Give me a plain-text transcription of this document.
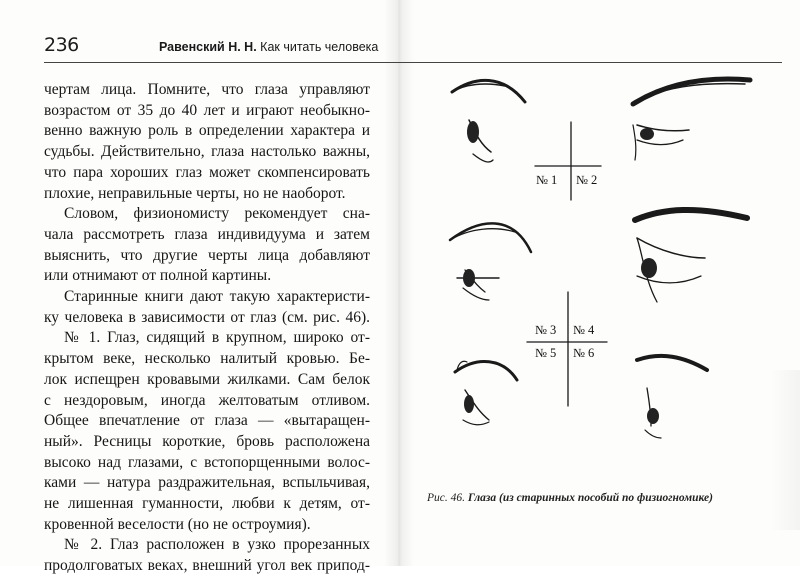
236	Равенский Н. Н. Как читать человека
чертам лица. Помните, что глаза управляют
возрастом от 35 до 40 лет и играют необыкно-
венно важную роль в определении характера и
судьбы. Действительно, глаза настолько важны,
что пара хороших глаз может скомпенсировать
плохие, неправильные черты, но не наоборот.
Словом, физиономисту рекомендует сна-
чала рассмотреть глаза индивидуума и затем
выяснить, что другие черты лица добавляют
или отнимают от полной картины.
Старинные книги дают такую характеристи-
ку человека в зависимости от глаз (см. рис. 46).
№ 1. Глаз, сидящий в крупном, широко от-
крытом веке, несколько налитый кровью. Бе-
лок испещрен кровавыми жилками. Сам белок
с нездоровым, иногда желтоватым отливом.
Общее впечатление от глаза — «вытаращен-
ный». Ресницы короткие, бровь расположена
высоко над глазами, с встопорщенными волос-
ками — натура раздражительная, вспыльчивая,
не лишенная гуманности, любви к детям, от-
кровенной веселости (но не остроумия).
№ 2. Глаз расположен в узко прорезанных
продолговатых веках, внешний угол век припод-
№ 1 № 2
№ 3 № 4
№ 5 № 6
Рис. 46. Глаза (из старинных пособий по физиогномике)
